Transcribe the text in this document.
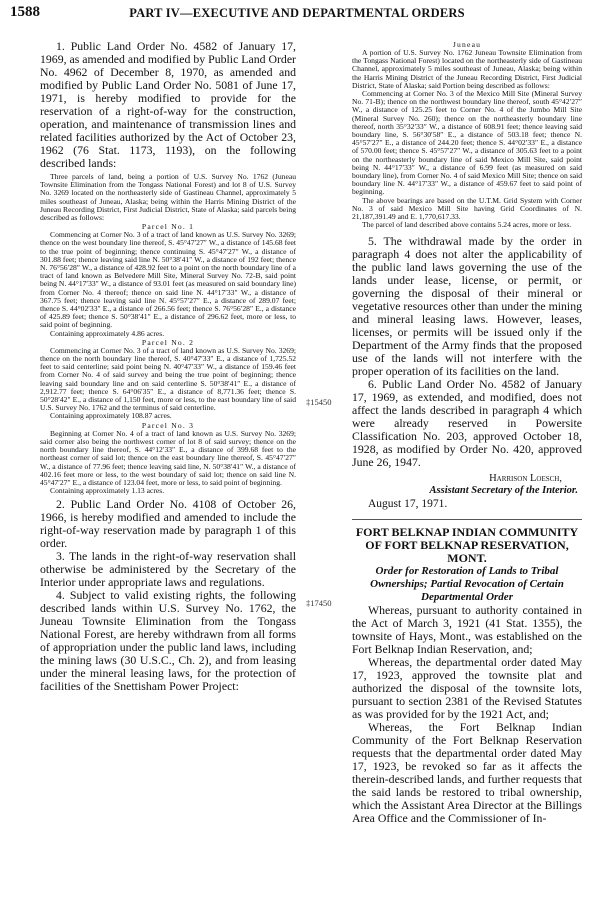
1588	PART IV—EXECUTIVE AND DEPARTMENTAL ORDERS
‡15450
‡17450

1. Public Land Order No. 4582 of January 17, 1969, as amended and modified by Public Land Order No. 4962 of December 8, 1970, as amended and modified by Public Land Order No. 5081 of June 17, 1971, is hereby modified to provide for the reservation of a right-of-way for the construction, operation, and maintenance of transmission lines and related facilities authorized by the Act of October 23, 1962 (76 Stat. 1173, 1193), on the following described lands:

Three parcels of land, being a portion of U.S. Survey No. 1762 (Juneau Townsite Elimination from the Tongass National Forest) and lot 8 of U.S. Survey No. 3269 located on the northeasterly side of Gastineau Channel, approximately 5 miles southeast of Juneau, Alaska; being within the Harris Mining District of the Juneau Recording District, First Judicial District, State of Alaska; said parcels being described as follows:

Parcel No. 1

Commencing at Corner No. 3 of a tract of land known as U.S. Survey No. 3269; thence on the west boundary line thereof, S. 45°47′27″ W., a distance of 145.68 feet to the true point of beginning; thence continuing S. 45°47′27″ W., a distance of 301.88 feet; thence leaving said line N. 50°38′41″ W., a distance of 192 feet; thence N. 76°56′28″ W., a distance of 428.92 feet to a point on the north boundary line of a tract of land known as Belvedere Mill Site, Mineral Survey No. 72-B, said point being N. 44°17′33″ W., a distance of 93.01 feet (as measured on said boundary line) from Corner No. 4 thereof; thence on said line N. 44°17′33″ W., a distance of 367.75 feet; thence leaving said line N. 45°57′27″ E., a distance of 289.07 feet; thence S. 44°02′33″ E., a distance of 266.56 feet; thence S. 76°56′28″ E., a distance of 425.89 feet; thence S. 50°38′41″ E., a distance of 296.62 feet, more or less, to said point of beginning.

Containing approximately 4.86 acres.

Parcel No. 2

Commencing at Corner No. 3 of a tract of land known as U.S. Survey No. 3269; thence on the north boundary line thereof, S. 40°47′33″ E., a distance of 1,725.52 feet to said centerline; said point being N. 40°47′33″ W., a distance of 159.46 feet from Corner No. 4 of said survey and being the true point of beginning; thence leaving said boundary line and on said centerline S. 50°38′41″ E., a distance of 2,912.77 feet; thence S. 64°06′35″ E., a distance of 8,771.36 feet; thence S. 50°28′42″ E., a distance of 1,150 feet, more or less, to the east boundary line of said U.S. Survey No. 1762 and the terminus of said centerline.

Containing approximately 108.87 acres.

Parcel No. 3

Beginning at Corner No. 4 of a tract of land known as U.S. Survey No. 3269; said corner also being the northwest corner of lot 8 of said survey; thence on the north boundary line thereof, S. 44°12′33″ E., a distance of 399.68 feet to the northeast corner of said lot; thence on the east boundary line thereof, S. 45°47′27″ W., a distance of 77.96 feet; thence leaving said line, N. 50°38′41″ W., a distance of 402.16 feet more or less, to the west boundary of said lot; thence on said line N. 45°47′27″ E., a distance of 123.04 feet, more or less, to said point of beginning.

Containing approximately 1.13 acres.

2. Public Land Order No. 4108 of October 26, 1966, is hereby modified and amended to include the right-of-way reservation made by paragraph 1 of this order.

3. The lands in the right-of-way reservation shall otherwise be administered by the Secretary of the Interior under appropriate laws and regulations.

4. Subject to valid existing rights, the following described lands within U.S. Survey No. 1762, the Juneau Townsite Elimination from the Tongass National Forest, are hereby withdrawn from all forms of appropriation under the public land laws, including the mining laws (30 U.S.C., Ch. 2), and from leasing under the mineral leasing laws, for the protection of facilities of the Snettisham Power Project:

Juneau

A portion of U.S. Survey No. 1762 Juneau Townsite Elimination from the Tongass National Forest) located on the northeasterly side of Gastineau Channel, approximately 5 miles southeast of Juneau, Alaska; being within the Harris Mining District of the Juneau Recording District, First Judicial District, State of Alaska; said Portion being described as follows:

Commencing at Corner No. 3 of the Mexico Mill Site (Mineral Survey No. 71-B); thence on the northwest boundary line thereof, south 45°42′27″ W., a distance of 125.25 feet to Corner No. 4 of the Jumbo Mill Site (Mineral Survey No. 260); thence on the northeasterly boundary line thereof, north 35°32′33″ W., a distance of 608.91 feet; thence leaving said boundary line, S. 56°30′58″ E., a distance of 503.18 feet; thence N. 45°57′27″ E., a distance of 244.20 feet; thence S. 44°02′33″ E., a distance of 570.00 feet; thence S. 45°57′27″ W., a distance of 305.63 feet to a point on the northeasterly boundary line of said Mexico Mill Site, said point being N. 44°17′33″ W., a distance of 6.99 feet (as measured on said boundary line), from Corner No. 4 of said Mexico Mill Site; thence on said boundary line N. 44°17′33″ W., a distance of 459.67 feet to said point of beginning.

The above bearings are based on the U.T.M. Grid System with Corner No. 3 of said Mexico Mill Site having Grid Coordinates of N. 21,187,391.49 and E. 1,770,617.33.

The parcel of land described above contains 5.24 acres, more or less.

5. The withdrawal made by the order in paragraph 4 does not alter the applicability of the public land laws governing the use of the lands under lease, license, or permit, or governing the disposal of their mineral or vegetative resources other than under the mining and mineral leasing laws. However, leases, licenses, or permits will be issued only if the Department of the Army finds that the proposed use of the lands will not interfere with the proper operation of its facilities on the land.

6. Public Land Order No. 4582 of January 17, 1969, as extended, and modified, does not affect the lands described in paragraph 4 which were already reserved in Powersite Classification No. 203, approved October 18, 1928, as modified by Order No. 420, approved June 26, 1947.

Harrison Loesch,

Assistant Secretary of the Interior.

August 17, 1971.

FORT BELKNAP INDIAN COMMUNITY

OF FORT BELKNAP RESERVATION,

MONT.

Order for Restoration of Lands to Tribal Ownerships; Partial Revocation of Certain Departmental Order

Whereas, pursuant to authority contained in the Act of March 3, 1921 (41 Stat. 1355), the townsite of Hays, Mont., was established on the Fort Belknap Indian Reservation, and;

Whereas, the departmental order dated May 17, 1923, approved the townsite plat and authorized the disposal of the townsite lots, pursuant to section 2381 of the Revised Statutes as was provided for by the 1921 Act, and;

Whereas, the Fort Belknap Indian Community of the Fort Belknap Reservation requests that the departmental order dated May 17, 1923, be revoked so far as it affects the therein-described lands, and further requests that the said lands be restored to tribal ownership, which the Assistant Area Director at the Billings Area Office and the Commissioner of In-
